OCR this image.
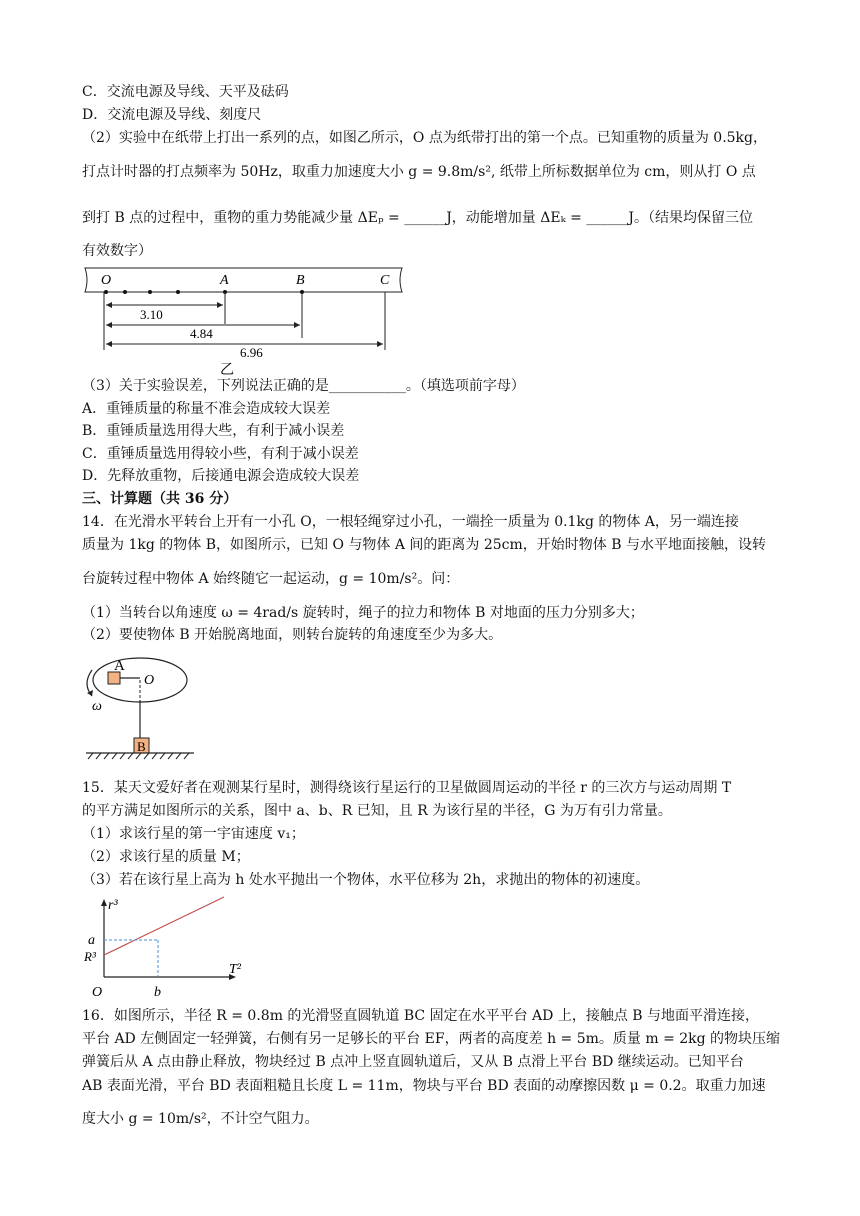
C．交流电源及导线、天平及砝码
D．交流电源及导线、刻度尺
（2）实验中在纸带上打出一系列的点，如图乙所示，O 点为纸带打出的第一个点。已知重物的质量为 0.5kg，
打点计时器的打点频率为 50Hz，取重力加速度大小 g = 9.8m/s², 纸带上所标数据单位为 cm，则从打 O 点
到打 B 点的过程中，重物的重力势能减少量 ΔEₚ = ______J，动能增加量 ΔEₖ = ______J。（结果均保留三位
有效数字）
O	A	B	C
3.10
4.84
6.96
乙
（3）关于实验误差，下列说法正确的是___________。（填选项前字母）
A．重锤质量的称量不准会造成较大误差
B．重锤质量选用得大些，有利于减小误差
C．重锤质量选用得较小些，有利于减小误差
D．先释放重物，后接通电源会造成较大误差
三、计算题（共 36 分）
14．在光滑水平转台上开有一小孔 O，一根轻绳穿过小孔，一端拴一质量为 0.1kg 的物体 A，另一端连接
质量为 1kg 的物体 B，如图所示，已知 O 与物体 A 间的距离为 25cm，开始时物体 B 与水平地面接触，设转
台旋转过程中物体 A 始终随它一起运动，g = 10m/s²。问：
（1）当转台以角速度 ω = 4rad/s 旋转时，绳子的拉力和物体 B 对地面的压力分别多大；
（2）要使物体 B 开始脱离地面，则转台旋转的角速度至少为多大。
A
O
ω
B
15．某天文爱好者在观测某行星时，测得绕该行星运行的卫星做圆周运动的半径 r 的三次方与运动周期 T
的平方满足如图所示的关系，图中 a、b、R 已知，且 R 为该行星的半径，G 为万有引力常量。
（1）求该行星的第一宇宙速度 v₁；
（2）求该行星的质量 M；
（3）若在该行星上高为 h 处水平抛出一个物体，水平位移为 2h，求抛出的物体的初速度。
r³
T²
a
R³
O	b
16．如图所示，半径 R = 0.8m 的光滑竖直圆轨道 BC 固定在水平平台 AD 上，接触点 B 与地面平滑连接，
平台 AD 左侧固定一轻弹簧，右侧有另一足够长的平台 EF，两者的高度差 h = 5m。质量 m = 2kg 的物块压缩
弹簧后从 A 点由静止释放，物块经过 B 点冲上竖直圆轨道后，又从 B 点滑上平台 BD 继续运动。已知平台
AB 表面光滑，平台 BD 表面粗糙且长度 L = 11m，物块与平台 BD 表面的动摩擦因数 μ = 0.2。取重力加速
度大小 g = 10m/s²，不计空气阻力。
